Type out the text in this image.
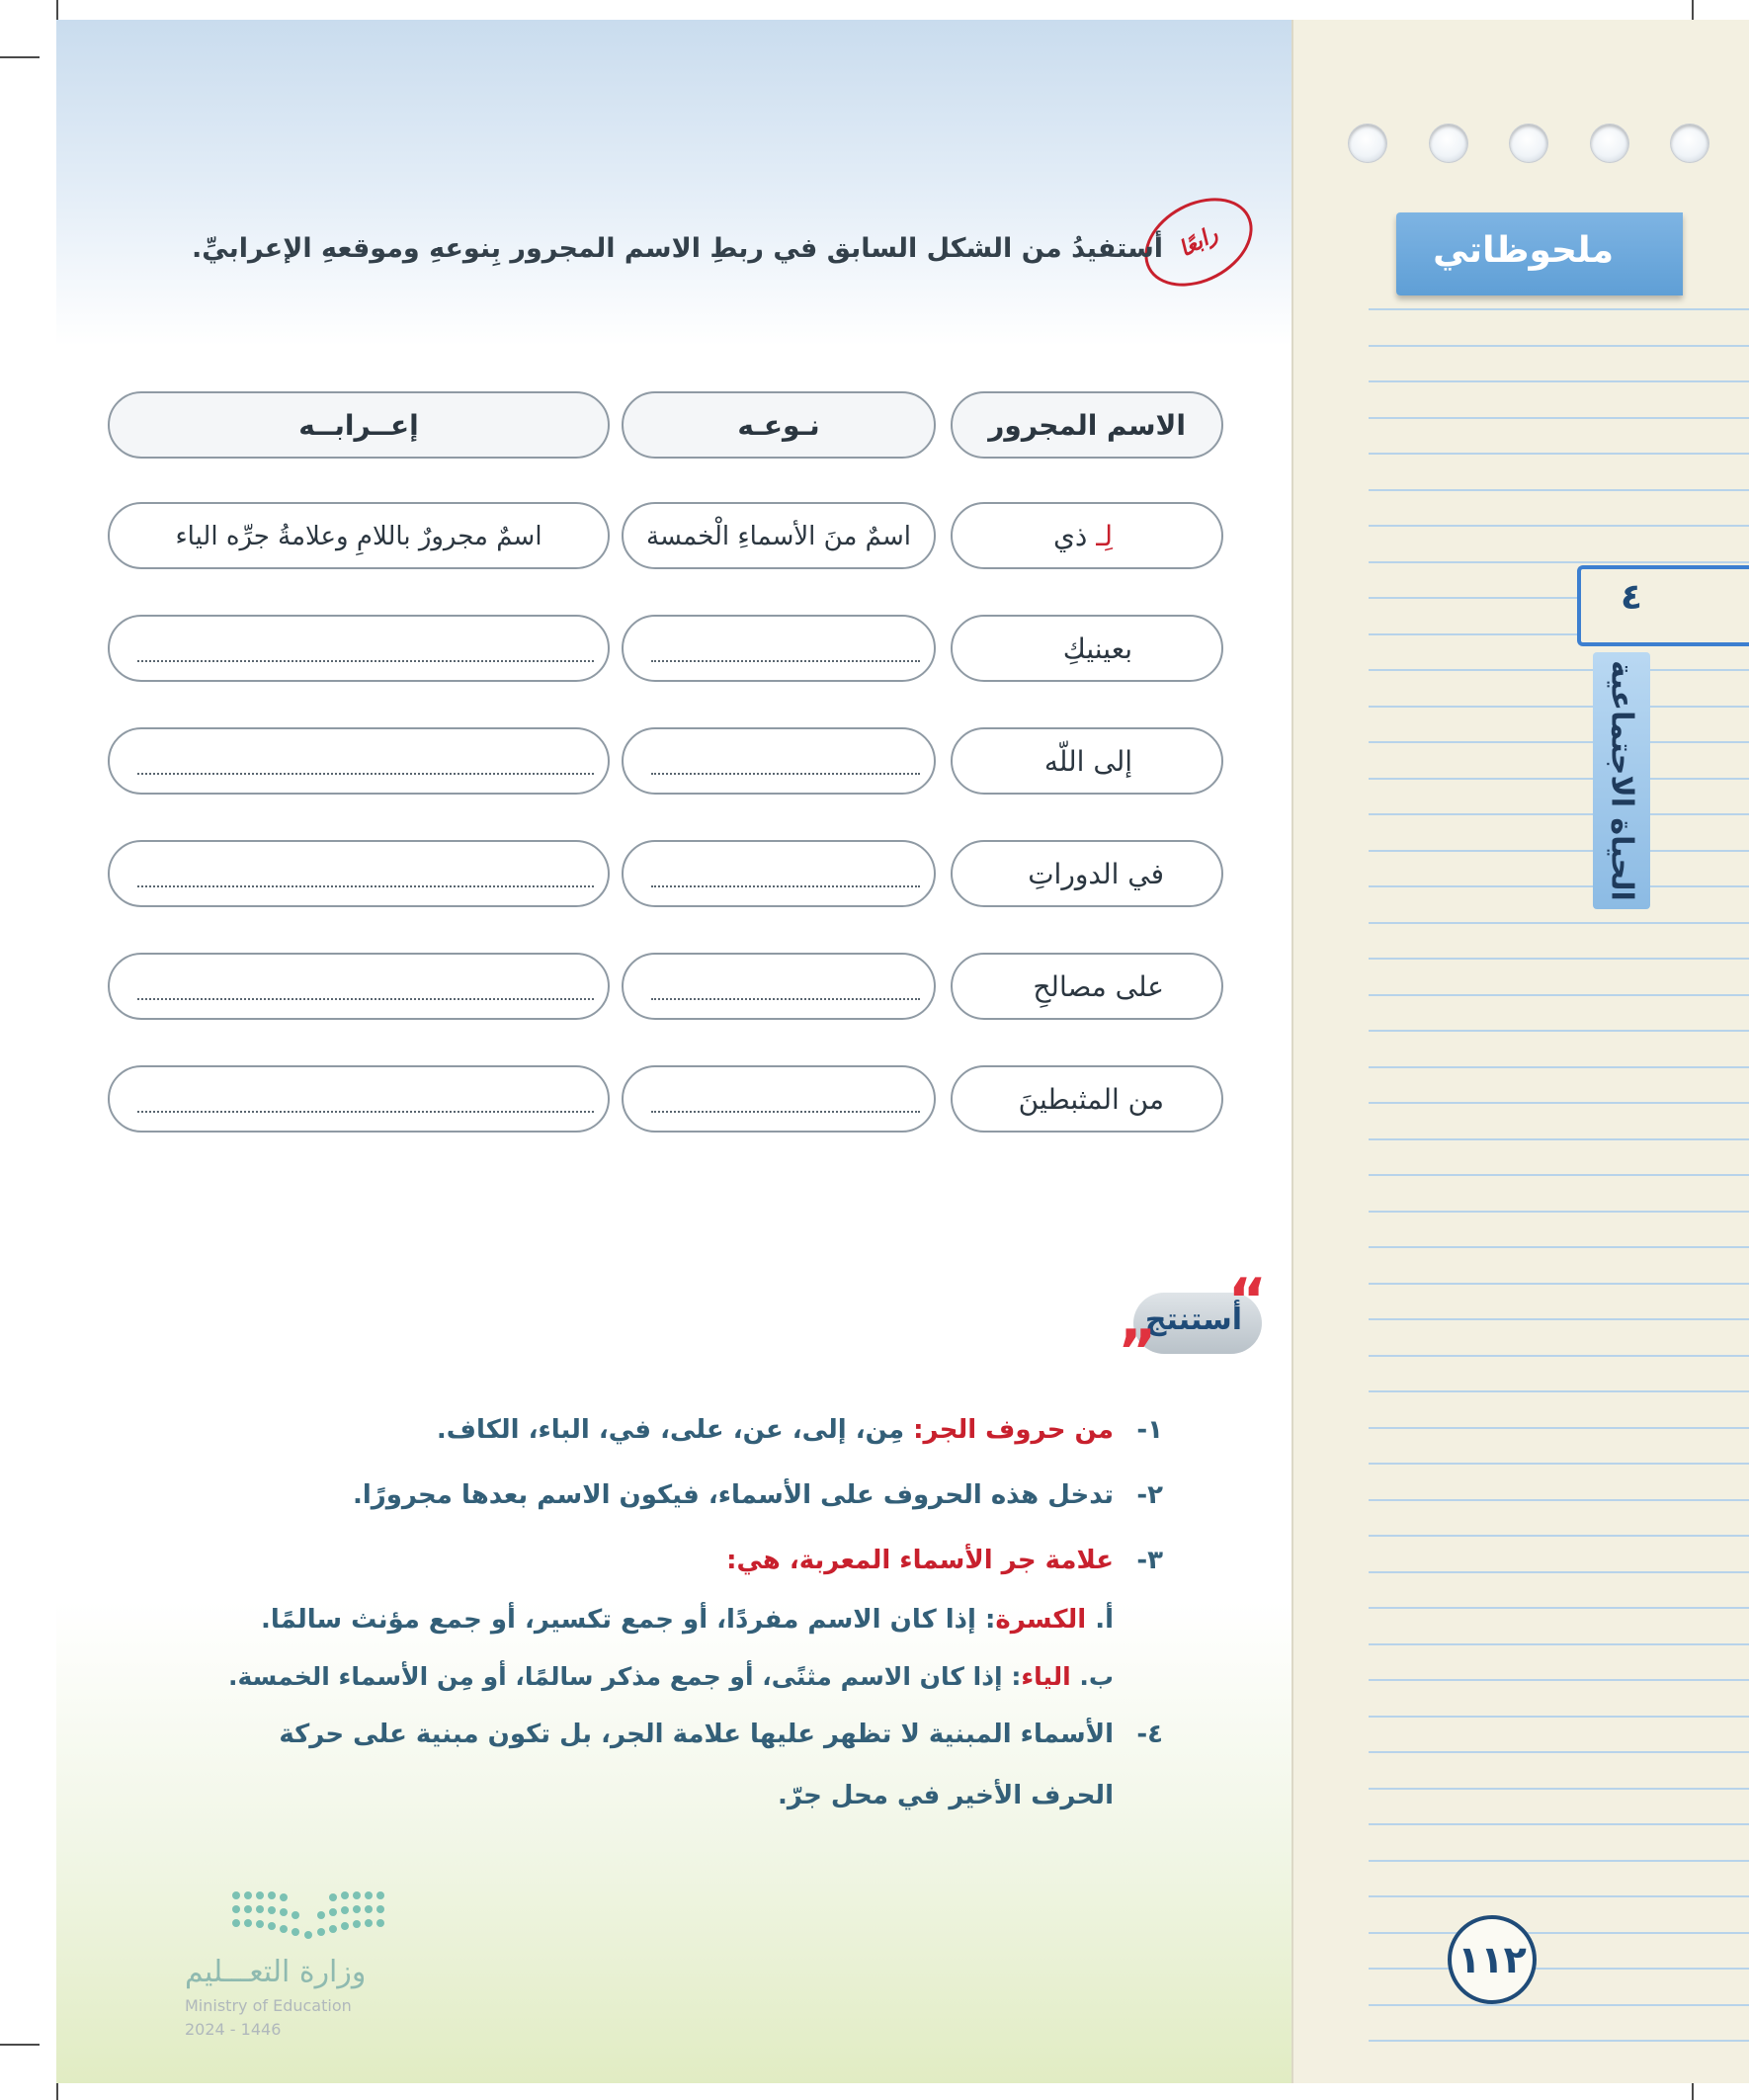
رابعًا
أستفيدُ من الشكل السابق في ربطِ الاسم المجرور بِنوعهِ وموقعهِ الإعرابيِّ.
الاسم المجرور
نـوعـه
إعــرابــه
لِـ ذي
اسمٌ منَ الأسماءِ الْخمسة
اسمٌ مجرورٌ باللامِ وعلامةُ جرِّه الياء
بعينيكِ
إلى اللّه
في الدوراتِ
على مصالحِ
من المثبطينَ
أستنتج
“
”
١-من حروف الجر: مِن، إلى، عن، على، في، الباء، الكاف.
٢-تدخل هذه الحروف على الأسماء، فيكون الاسم بعدها مجرورًا.
٣-علامة جر الأسماء المعربة، هي:
أ. الكسرة: إذا كان الاسم مفردًا، أو جمع تكسير، أو جمع مؤنث سالمًا.
ب. الياء: إذا كان الاسم مثنًى، أو جمع مذكر سالمًا، أو مِن الأسماء الخمسة.
٤-الأسماء المبنية لا تظهر عليها علامة الجر، بل تكون مبنية على حركة
الحرف الأخير في محل جرّ.
وزارة التعـــليم
Ministry of Education
2024 - 1446
ملحوظاتي
٤
الحياة الاجتماعية
١١٢
